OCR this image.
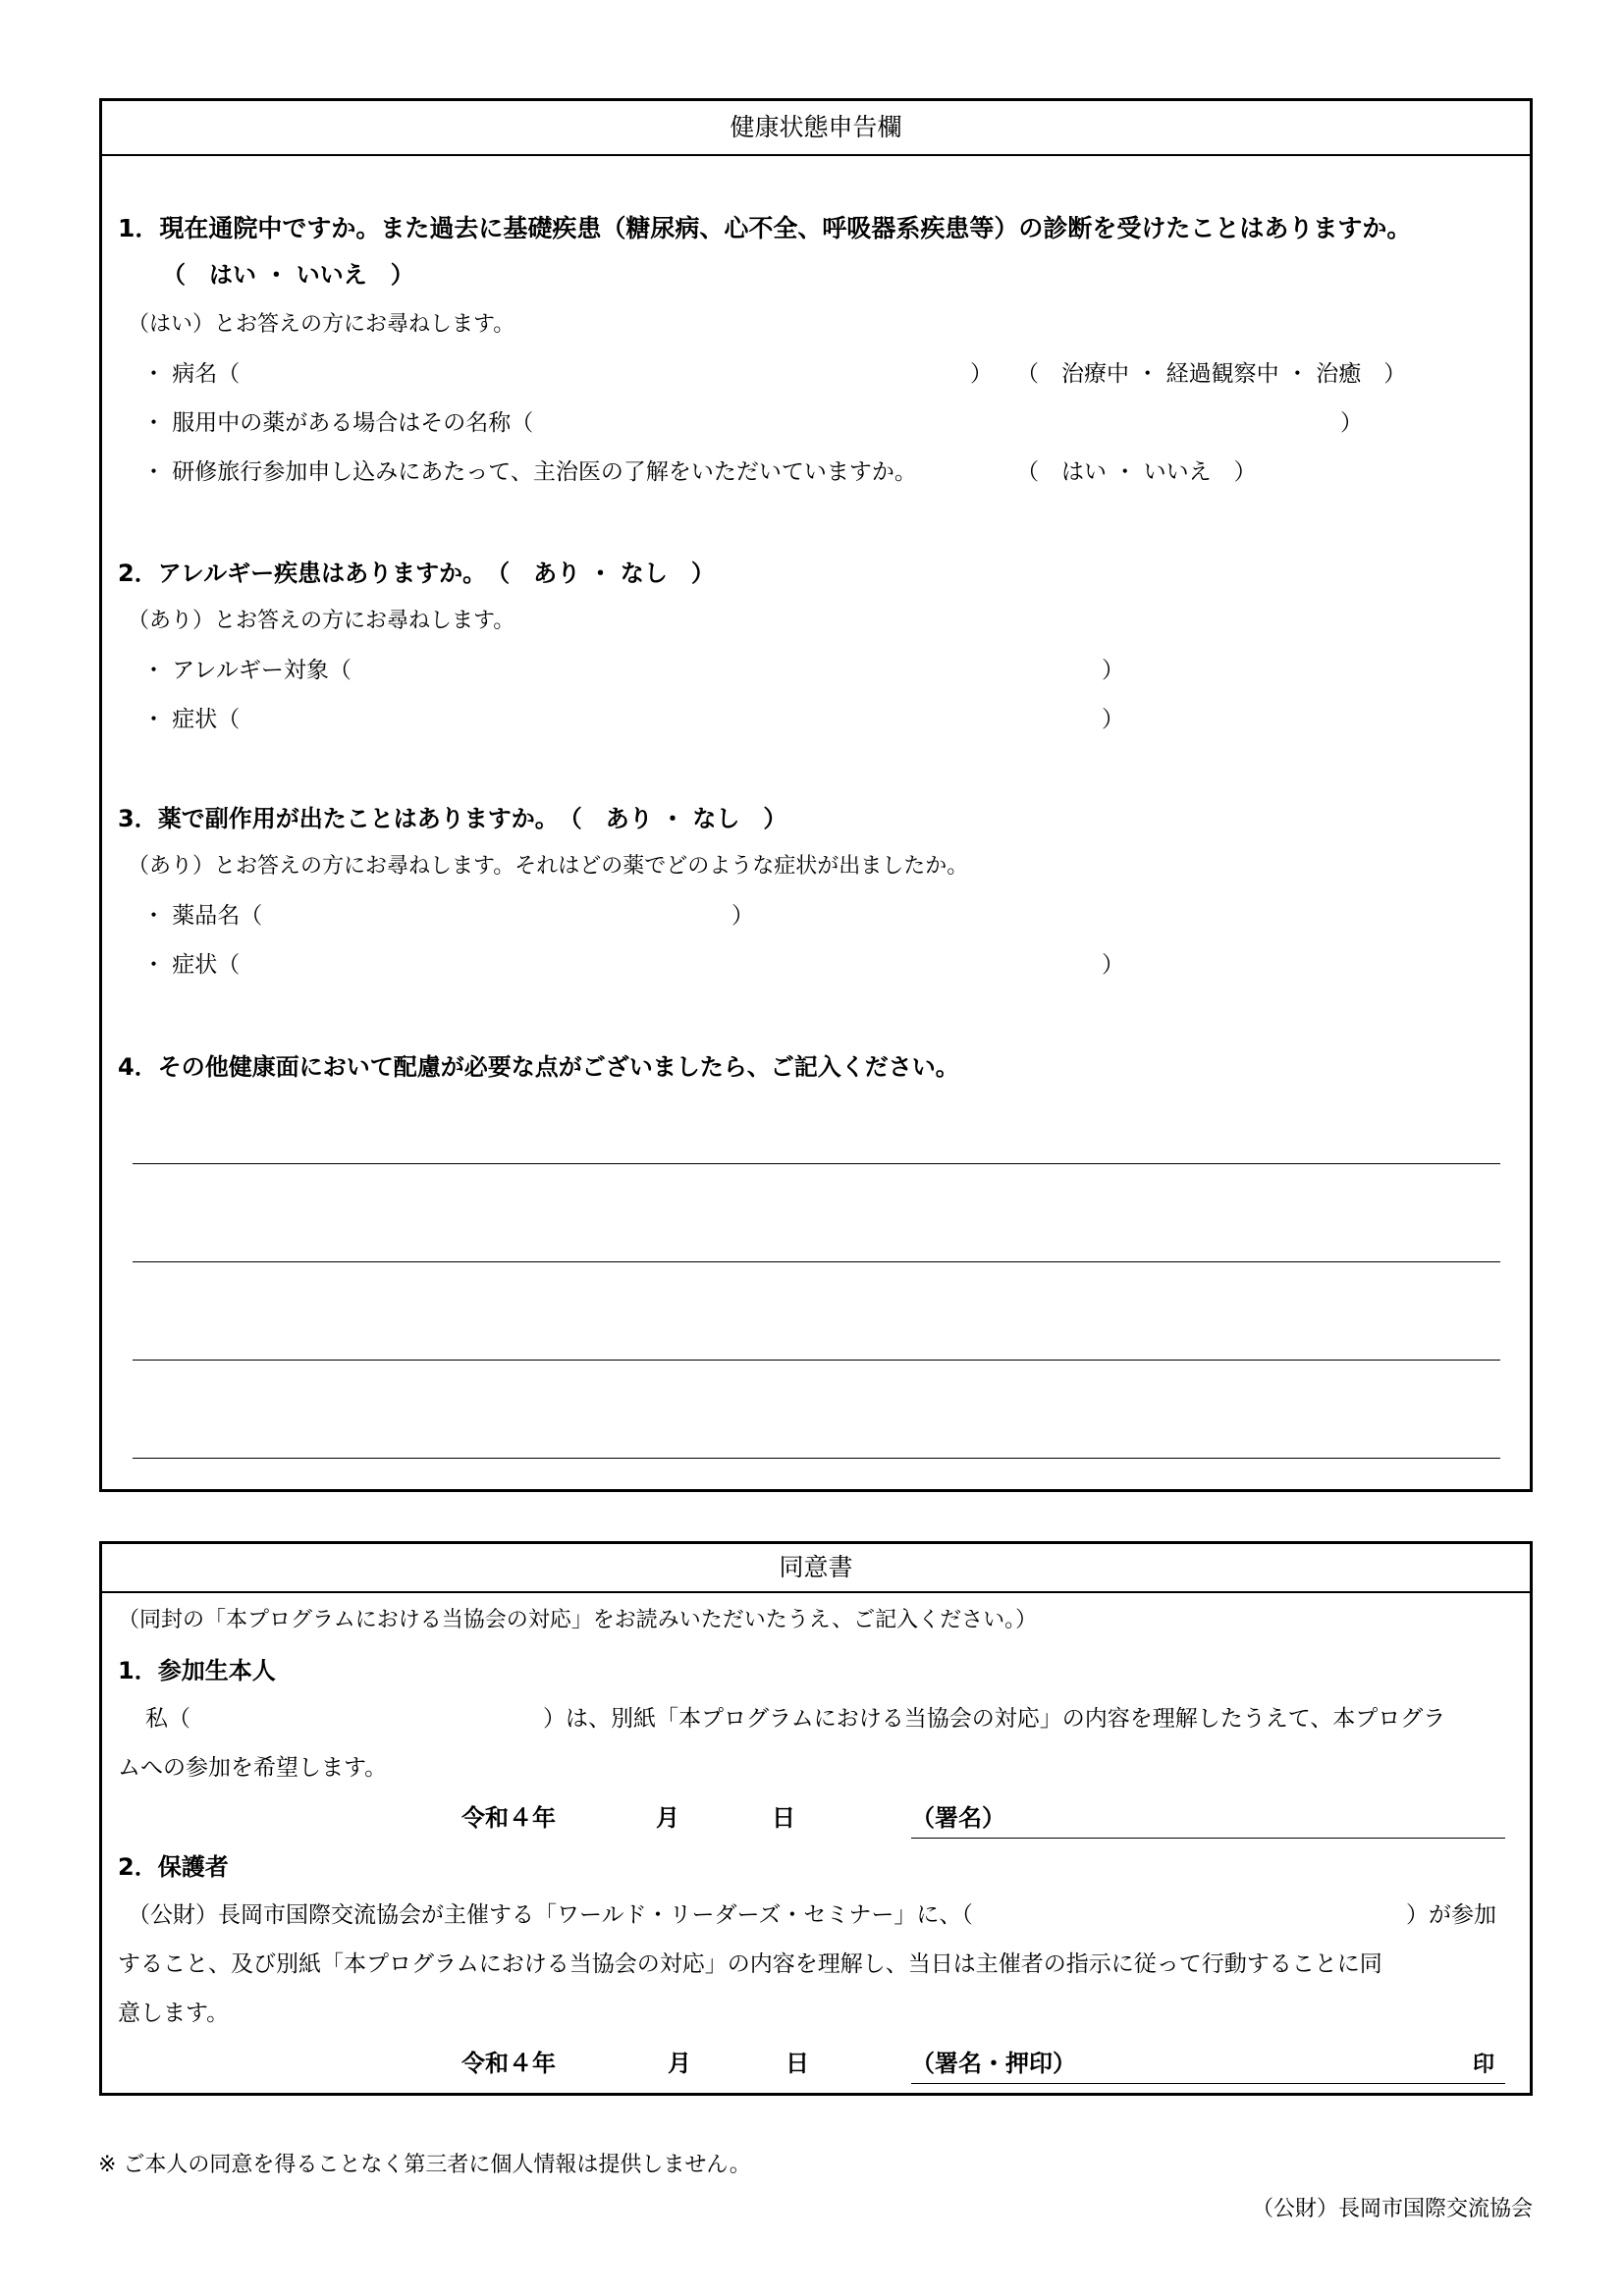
健康状態申告欄
1．現在通院中ですか。また過去に基礎疾患（糖尿病、心不全、呼吸器系疾患等）の診断を受けたことはありますか。
（　はい ・ いいえ　）
（はい）とお答えの方にお尋ねします。
・ 病名（	） （　治療中 ・ 経過観察中 ・ 治癒　）
・ 服用中の薬がある場合はその名称（	）
・ 研修旅行参加申し込みにあたって、主治医の了解をいただいていますか。	（　はい ・ いいえ　）
2．アレルギー疾患はありますか。　（　あり ・ なし　）
（あり）とお答えの方にお尋ねします。
・ アレルギー対象（	）
・ 症状（	）
3．薬で副作用が出たことはありますか。　（　あり ・ なし　）
（あり）とお答えの方にお尋ねします。それはどの薬でどのような症状が出ましたか。
・ 薬品名（	）
・ 症状（	）
4．その他健康面において配慮が必要な点がございましたら、ご記入ください。
同意書
（同封の「本プログラムにおける当協会の対応」をお読みいただいたうえ、ご記入ください。）
1．参加生本人
私（	）は、別紙「本プログラムにおける当協会の対応」の内容を理解したうえて、本プログラ
ムへの参加を希望します。
令和４年	月	日	（署名）
2．保護者
（公財）長岡市国際交流協会が主催する「ワールド・リーダーズ・セミナー」に、（	）が参加
すること、及び別紙「本プログラムにおける当協会の対応」の内容を理解し、当日は主催者の指示に従って行動することに同
意します。
令和４年	月	日	（署名・押印）	印
※ ご本人の同意を得ることなく第三者に個人情報は提供しません。
（公財）長岡市国際交流協会
